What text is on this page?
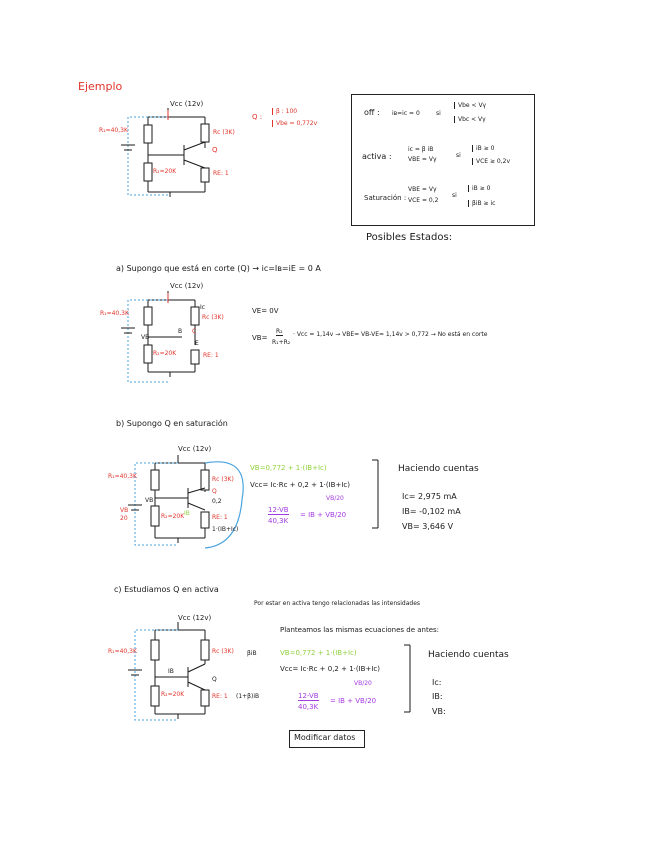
Ejemplo
Vcc (12v)
R₁=40,3K	Rc (3K)
Q
R₂=20K	RE: 1
Q :
β : 100
Vbe = 0,772v
off : iʙ=iᴄ = 0	si
Vbe < Vγ
Vbc < Vγ
activa :
ic = β iB
VBE = Vγ
si
iB ≥ 0
VCE ≥ 0,2v
Saturación :
VBE = Vγ
VCE = 0,2
si
iB ≥ 0
βiB ≥ ic
Posibles Estados:
a) Supongo que está en corte (Q) → ic=Iʙ=iE = 0 A
Vcc (12v)
R₁=40,3K
Ic
Rc (3K)
B C
E
VB
R₂=20K	RE: 1
VE= 0V
VB=
R₂
R₁+R₂
· Vcc = 1,14v → VBE= VB-VE= 1,14v > 0,772 → No está en corte
b) Supongo Q en saturación
Vcc (12v)
R₁=40,3K	Rc (3K)
Q
0,2
VB
VB
20	R₂=20K IB
RE: 1
1·(IB+Ic)
VB=0,772 + 1·(IB+Ic)
Vcc= Ic·Rc + 0,2 + 1·(IB+Ic)
VB/20
12-VB
40,3K
= IB + VB/20
Haciendo cuentas
Ic= 2,975 mA
IB= -0,102 mA
VB= 3,646 V
c) Estudiamos Q en activa
Por estar en activa tengo relacionadas las intensidades
Vcc (12v)
R₁=40,3K	Rc (3K) βiB
IB
Q
R₂=20K	RE: 1 (1+β)iB
Planteamos las mismas ecuaciones de antes:
VB=0,772 + 1·(IB+Ic)
Vcc= Ic·Rc + 0,2 + 1·(IB+Ic)
VB/20
12-VB
40,3K
= IB + VB/20
Haciendo cuentas
Ic:
IB:
VB:
Modificar datos
